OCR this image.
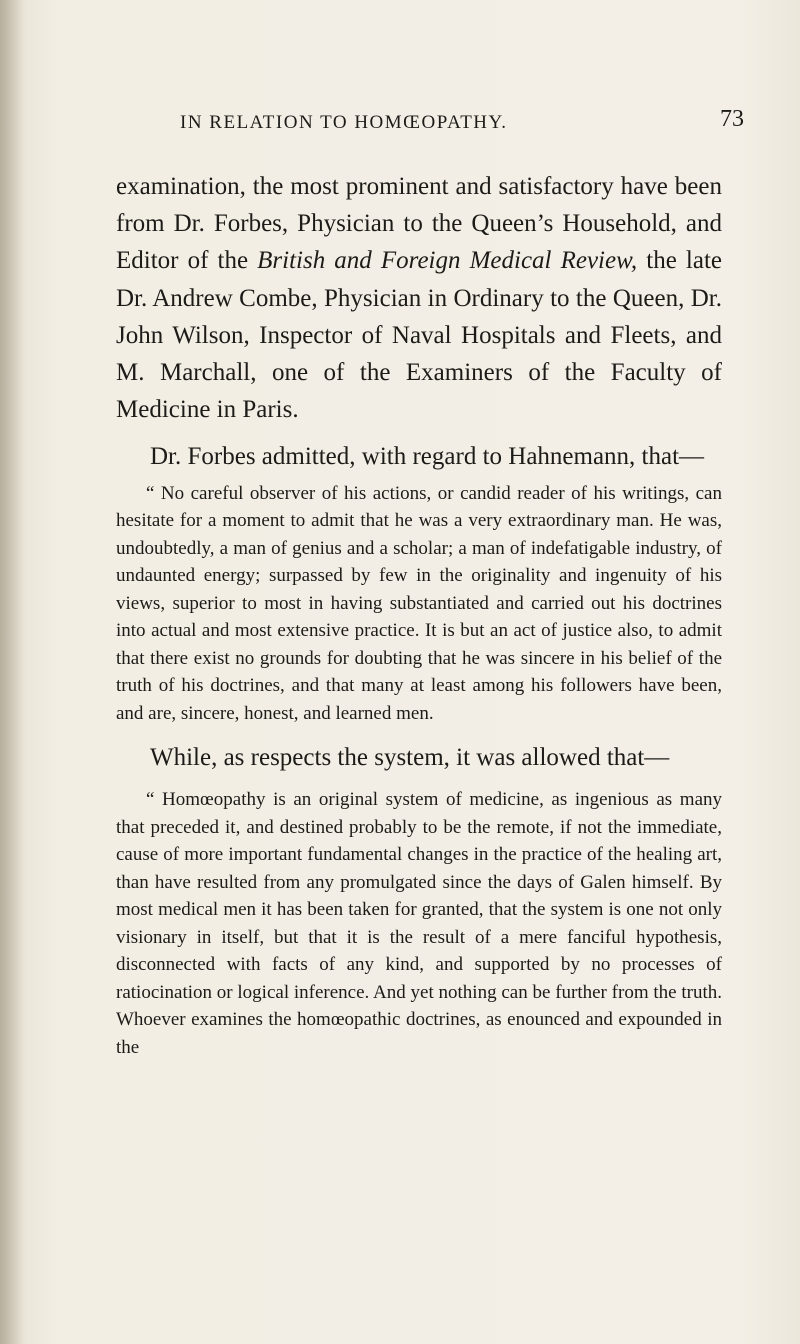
IN RELATION TO HOMŒOPATHY.	73

examination, the most prominent and satisfactory have been from Dr. Forbes, Physician to the Queen’s Household, and Editor of the British and Foreign Medical Review, the late Dr. Andrew Combe, Physician in Ordinary to the Queen, Dr. John Wilson, Inspector of Naval Hospitals and Fleets, and M. Marchall, one of the Examiners of the Faculty of Medicine in Paris.

Dr. Forbes admitted, with regard to Hahnemann, that—

“ No careful observer of his actions, or candid reader of his writings, can hesitate for a moment to admit that he was a very extraordinary man. He was, undoubtedly, a man of genius and a scholar; a man of indefatigable industry, of undaunted energy; surpassed by few in the originality and ingenuity of his views, superior to most in having substantiated and carried out his doctrines into actual and most extensive practice. It is but an act of justice also, to admit that there exist no grounds for doubting that he was sincere in his belief of the truth of his doctrines, and that many at least among his followers have been, and are, sincere, honest, and learned men.

While, as respects the system, it was allowed that—

“ Homœopathy is an original system of medicine, as ingenious as many that preceded it, and destined probably to be the remote, if not the immediate, cause of more important fundamental changes in the practice of the healing art, than have resulted from any promulgated since the days of Galen himself. By most medical men it has been taken for granted, that the system is one not only visionary in itself, but that it is the result of a mere fanciful hypothesis, disconnected with facts of any kind, and supported by no processes of ratiocination or logical inference. And yet nothing can be further from the truth. Whoever examines the homœopathic doctrines, as enounced and expounded in the
